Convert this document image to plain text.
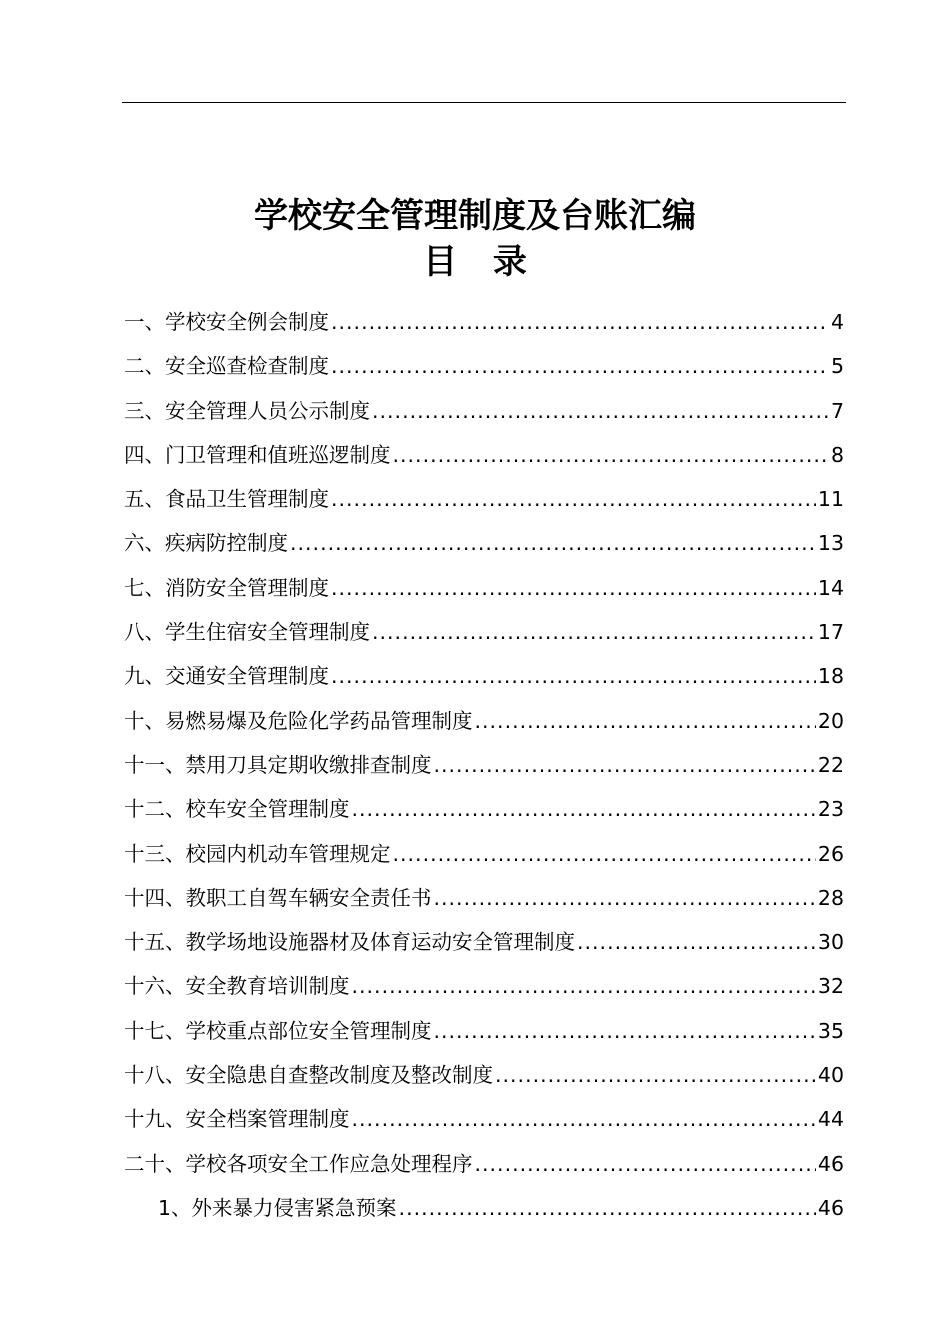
学校安全管理制度及台账汇编
目 录
一、学校安全例会制度 .....	4
二、安全巡查检查制度 .....	5
三、安全管理人员公示制度 .....	7
四、门卫管理和值班巡逻制度 .....	8
五、食品卫生管理制度 .....	11
六、疾病防控制度 .....	13
七、消防安全管理制度 .....	14
八、学生住宿安全管理制度 .....	17
九、交通安全管理制度 .....	18
十、易燃易爆及危险化学药品管理制度 .....	20
十一、禁用刀具定期收缴排查制度 .....	22
十二、校车安全管理制度 .....	23
十三、校园内机动车管理规定 .....	26
十四、教职工自驾车辆安全责任书 .....	28
十五、教学场地设施器材及体育运动安全管理制度 .....	30
十六、安全教育培训制度 .....	32
十七、学校重点部位安全管理制度 .....	35
十八、安全隐患自查整改制度及整改制度 .....	40
十九、安全档案管理制度 .....	44
二十、学校各项安全工作应急处理程序 .....	46
1、外来暴力侵害紧急预案 .....	46
